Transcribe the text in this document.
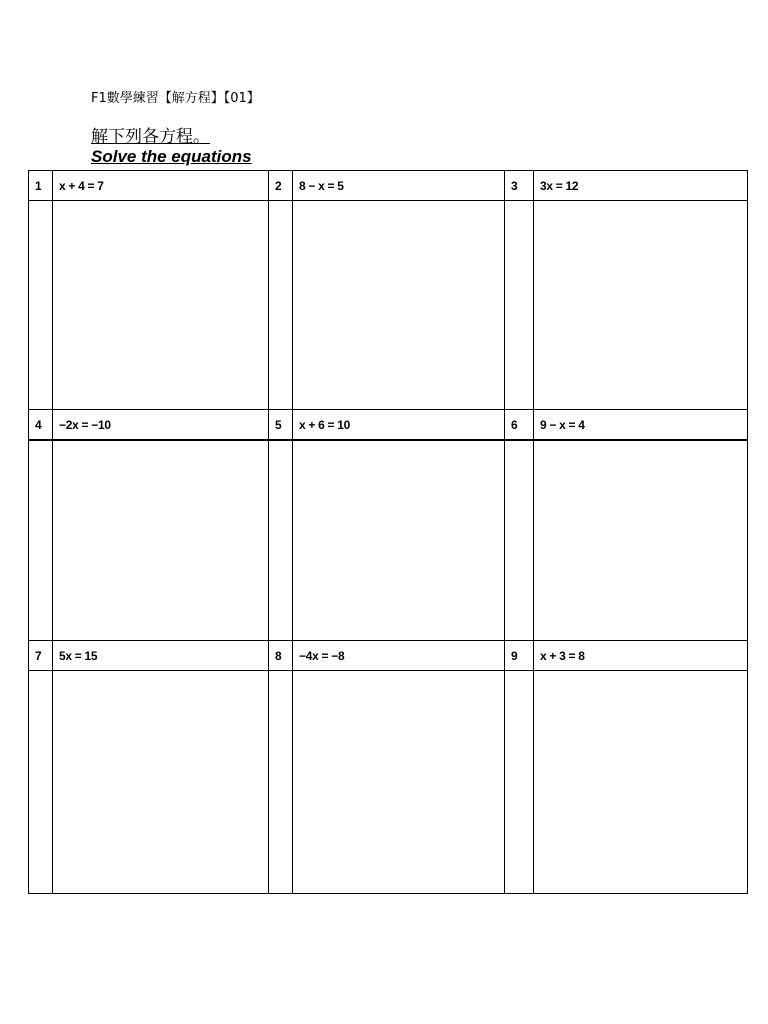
F1數學練習【解方程】【01】
解下列各方程。
Solve the equations
1	x + 4 = 7	2	8 − x = 5	3	3x = 12

4	−2x = −10	5	x + 6 = 10	6	9 − x = 4

7	5x = 15	8	−4x = −8	9	x + 3 = 8
